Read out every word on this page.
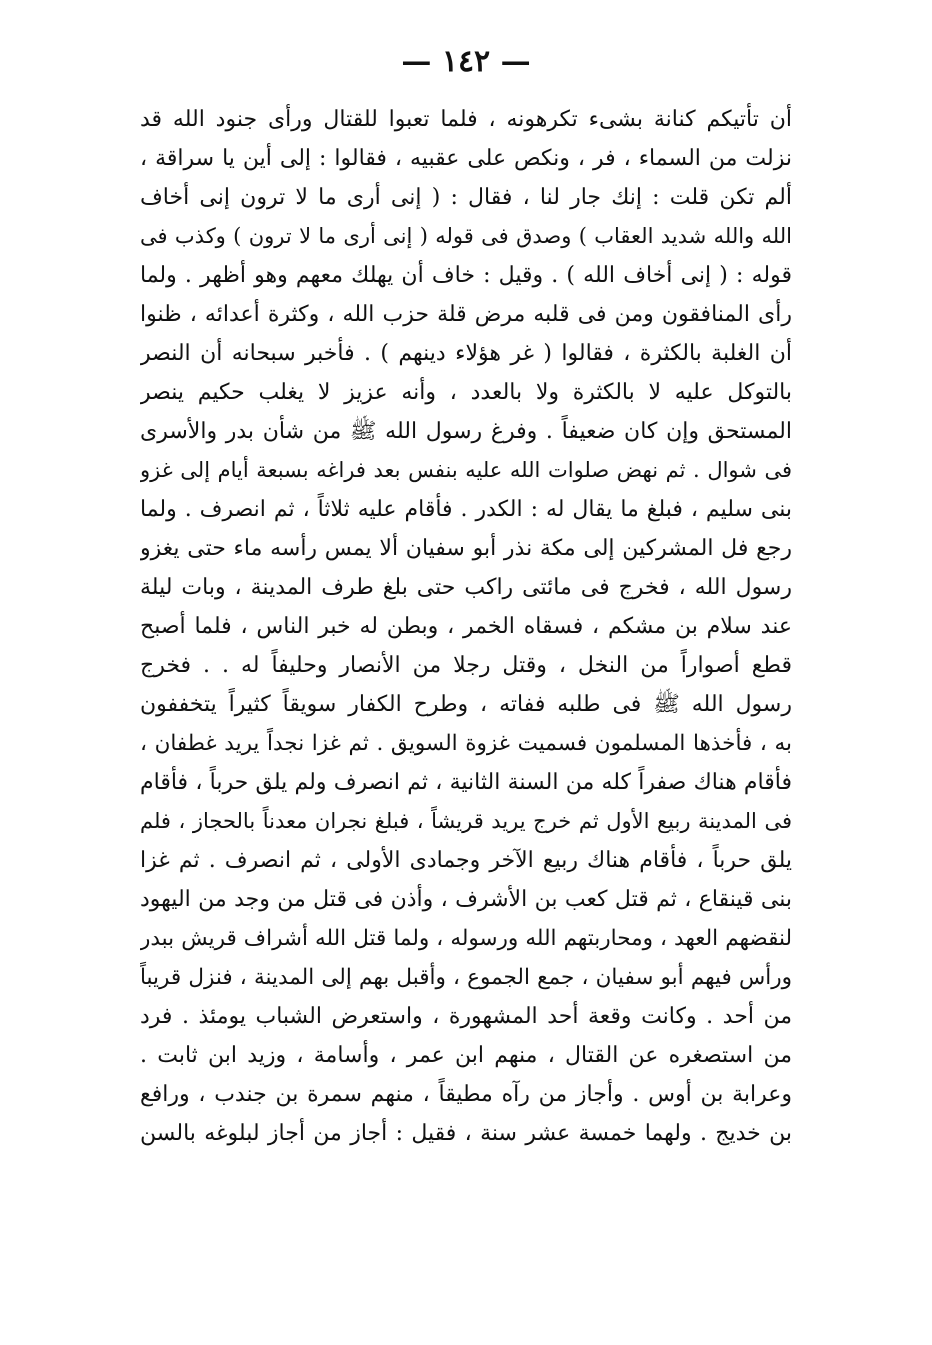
— ١٤٢ —
أن تأتيكم كنانة بشىء تكرهونه ، فلما تعبوا للقتال ورأى جنود الله قد
نزلت من السماء ، فر ، ونكص على عقبيه ، فقالوا : إلى أين يا سراقة ،
ألم تكن قلت : إنك جار لنا ، فقال : ( إنى أرى ما لا ترون إنى أخاف
الله والله شديد العقاب ) وصدق فى قوله ( إنى أرى ما لا ترون ) وكذب فى
قوله : ( إنى أخاف الله ) . وقيل : خاف أن يهلك معهم وهو أظهر . ولما
رأى المنافقون ومن فى قلبه مرض قلة حزب الله ، وكثرة أعدائه ، ظنوا
أن الغلبة بالكثرة ، فقالوا ( غر هؤلاء دينهم ) . فأخبر سبحانه أن النصر
بالتوكل عليه لا بالكثرة ولا بالعدد ، وأنه عزيز لا يغلب حكيم ينصر
المستحق وإن كان ضعيفاً . وفرغ رسول الله ﷺ من شأن بدر والأسرى
فى شوال . ثم نهض صلوات الله عليه بنفس بعد فراغه بسبعة أيام إلى غزو
بنى سليم ، فبلغ ما يقال له : الكدر . فأقام عليه ثلاثاً ، ثم انصرف . ولما
رجع فل المشركين إلى مكة نذر أبو سفيان ألا يمس رأسه ماء حتى يغزو
رسول الله ، فخرج فى مائتى راكب حتى بلغ طرف المدينة ، وبات ليلة
عند سلام بن مشكم ، فسقاه الخمر ، وبطن له خبر الناس ، فلما أصبح
قطع أصواراً من النخل ، وقتل رجلا من الأنصار وحليفاً له . . فخرج
رسول الله ﷺ فى طلبه ففاته ، وطرح الكفار سويقاً كثيراً يتخففون
به ، فأخذها المسلمون فسميت غزوة السويق . ثم غزا نجداً يريد غطفان ،
فأقام هناك صفراً كله من السنة الثانية ، ثم انصرف ولم يلق حرباً ، فأقام
فى المدينة ربيع الأول ثم خرج يريد قريشاً ، فبلغ نجران معدناً بالحجاز ، فلم
يلق حرباً ، فأقام هناك ربيع الآخر وجمادى الأولى ، ثم انصرف . ثم غزا
بنى قينقاع ، ثم قتل كعب بن الأشرف ، وأذن فى قتل من وجد من اليهود
لنقضهم العهد ، ومحاربتهم الله ورسوله ، ولما قتل الله أشراف قريش ببدر
ورأس فيهم أبو سفيان ، جمع الجموع ، وأقبل بهم إلى المدينة ، فنزل قريباً
من أحد . وكانت وقعة أحد المشهورة ، واستعرض الشباب يومئذ . فرد
من استصغره عن القتال ، منهم ابن عمر ، وأسامة ، وزيد ابن ثابت .
وعرابة بن أوس . وأجاز من رآه مطيقاً ، منهم سمرة بن جندب ، ورافع
بن خديج . ولهما خمسة عشر سنة ، فقيل : أجاز من أجاز لبلوغه بالسن
